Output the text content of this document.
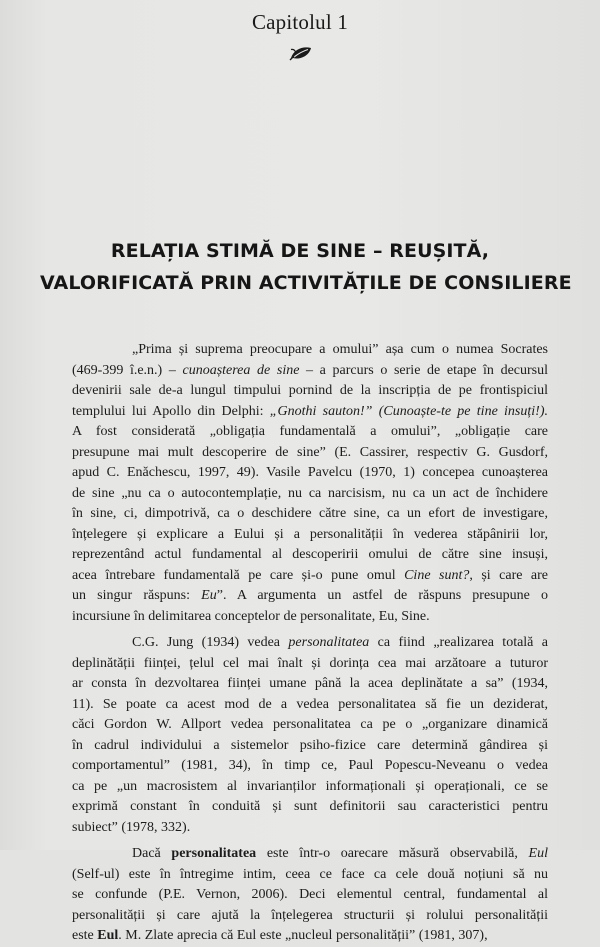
Capitolul 1
RELAȚIA STIMĂ DE SINE – REUȘITĂ,
VALORIFICATĂ PRIN ACTIVITĂȚILE DE CONSILIERE
„Prima și suprema preocupare a omului” așa cum o numea Socrates
(469-399 î.e.n.) – cunoașterea de sine – a parcurs o serie de etape în decursul
devenirii sale de-a lungul timpului pornind de la inscripția de pe frontispiciul
templului lui Apollo din Delphi: „Gnothi sauton!” (Cunoaște-te pe tine insuți!).
A fost considerată „obligația fundamentală a omului”, „obligație care
presupune mai mult descoperire de sine” (E. Cassirer, respectiv G. Gusdorf,
apud C. Enăchescu, 1997, 49). Vasile Pavelcu (1970, 1) concepea cunoașterea
de sine „nu ca o autocontemplație, nu ca narcisism, nu ca un act de închidere
în sine, ci, dimpotrivă, ca o deschidere către sine, ca un efort de investigare,
înțelegere și explicare a Eului și a personalității în vederea stăpânirii lor,
reprezentând actul fundamental al descoperirii omului de către sine insuși,
acea întrebare fundamentală pe care și-o pune omul Cine sunt?, și care are
un singur răspuns: Eu”. A argumenta un astfel de răspuns presupune o
incursiune în delimitarea conceptelor de personalitate, Eu, Sine.
C.G. Jung (1934) vedea personalitatea ca fiind „realizarea totală a
deplinătății ființei, țelul cel mai înalt și dorința cea mai arzătoare a tuturor
ar consta în dezvoltarea ființei umane până la acea deplinătate a sa” (1934,
11). Se poate ca acest mod de a vedea personalitatea să fie un deziderat,
căci Gordon W. Allport vedea personalitatea ca pe o „organizare dinamică
în cadrul individului a sistemelor psiho-fizice care determină gândirea și
comportamentul” (1981, 34), în timp ce, Paul Popescu-Neveanu o vedea
ca pe „un macrosistem al invarianților informaționali și operaționali, ce se
exprimă constant în conduită și sunt definitorii sau caracteristici pentru
subiect” (1978, 332).
Dacă personalitatea este într-o oarecare măsură observabilă, Eul
(Self-ul) este în întregime intim, ceea ce face ca cele două noțiuni să nu
se confunde (P.E. Vernon, 2006). Deci elementul central, fundamental al
personalității și care ajută la înțelegerea structurii și rolului personalității
este Eul. M. Zlate aprecia că Eul este „nucleul personalității” (1981, 307),
